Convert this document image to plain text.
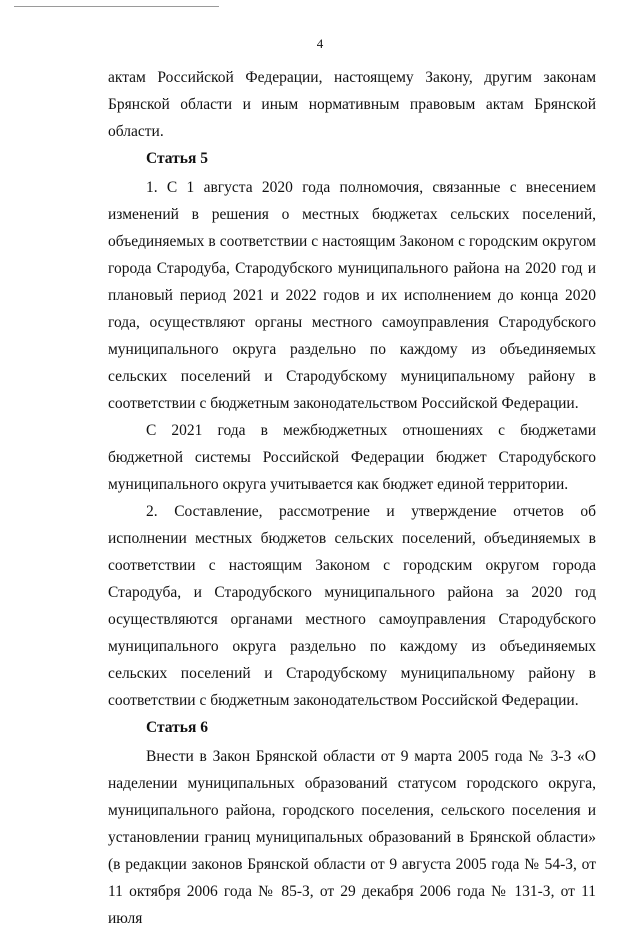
4

актам Российской Федерации, настоящему Закону, другим законам Брянской области и иным нормативным правовым актам Брянской области.

Статья 5

1. С 1 августа 2020 года полномочия, связанные с внесением изменений в решения о местных бюджетах сельских поселений, объединяемых в соответствии с настоящим Законом с городским округом города Стародуба, Стародубского муниципального района на 2020 год и плановый период 2021 и 2022 годов и их исполнением до конца 2020 года, осуществляют органы местного самоуправления Стародубского муниципального округа раздельно по каждому из объединяемых сельских поселений и Стародубскому муниципальному району в соответствии с бюджетным законодательством Российской Федерации.

С 2021 года в межбюджетных отношениях с бюджетами бюджетной системы Российской Федерации бюджет Стародубского муниципального округа учитывается как бюджет единой территории.

2. Составление, рассмотрение и утверждение отчетов об исполнении местных бюджетов сельских поселений, объединяемых в соответствии с настоящим Законом с городским округом города Стародуба, и Стародубского муниципального района за 2020 год осуществляются органами местного самоуправления Стародубского муниципального округа раздельно по каждому из объединяемых сельских поселений и Стародубскому муниципальному району в соответствии с бюджетным законодательством Российской Федерации.

Статья 6

Внести в Закон Брянской области от 9 марта 2005 года № 3-З «О наделении муниципальных образований статусом городского округа, муниципального района, городского поселения, сельского поселения и установлении границ муниципальных образований в Брянской области» (в редакции законов Брянской области от 9 августа 2005 года № 54-З, от 11 октября 2006 года № 85-З, от 29 декабря 2006 года № 131-З, от 11 июля
